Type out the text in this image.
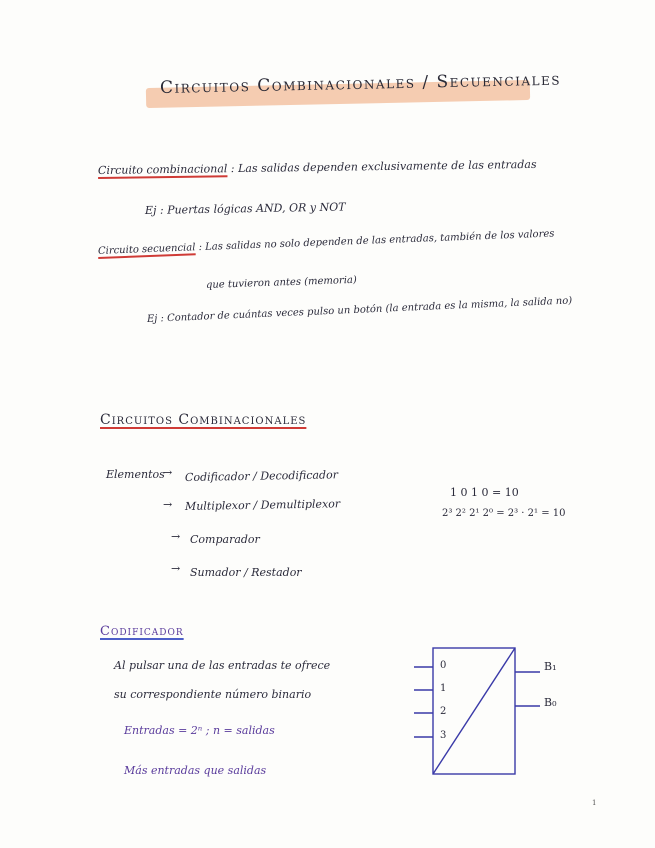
Circuitos Combinacionales / Secuenciales
Circuito combinacional : Las salidas dependen exclusivamente de las entradas
Ej : Puertas lógicas AND, OR y NOT
Circuito secuencial : Las salidas no solo dependen de las entradas, también de los valores
que tuvieron antes (memoria)
Ej : Contador de cuántas veces pulso un botón (la entrada es la misma, la salida no)
Circuitos Combinacionales
Elementos
→ Codificador / Decodificador
→ Multiplexor / Demultiplexor
→ Comparador
→ Sumador / Restador
1 0 1 0 = 10
2³ 2² 2¹ 2⁰ = 2³ · 2¹ = 10
Codificador
Al pulsar una de las entradas te ofrece
su correspondiente número binario
Entradas = 2ⁿ ; n = salidas
Más entradas que salidas
0
1
2
3
B₁
B₀
1
